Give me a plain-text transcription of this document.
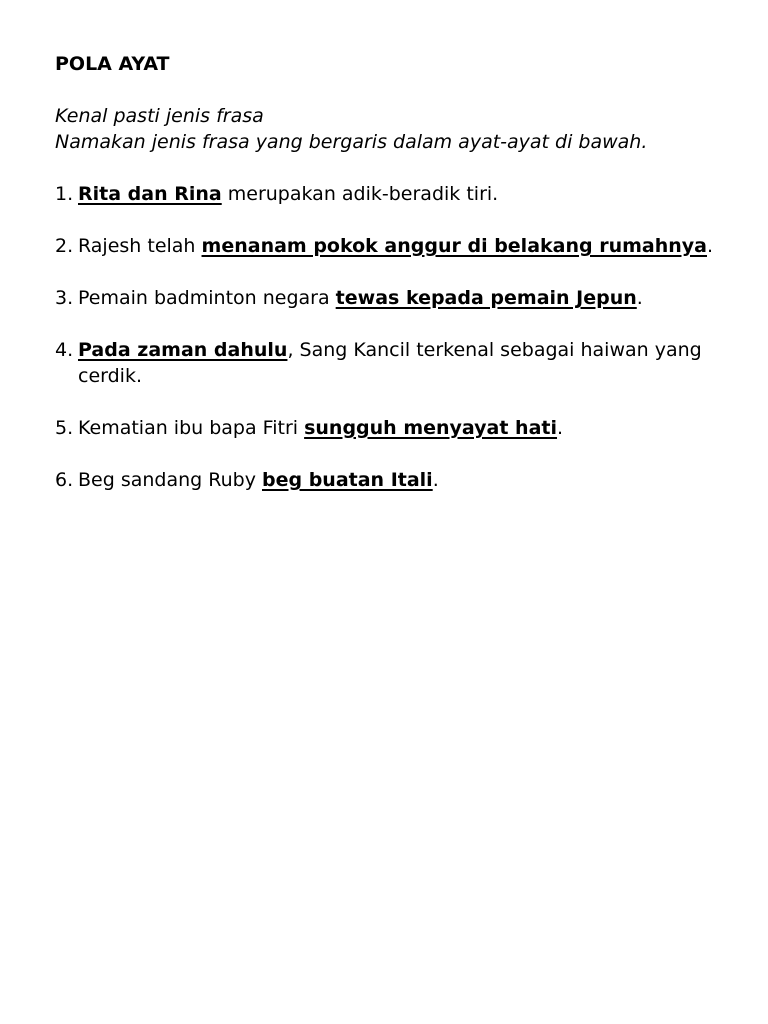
POLA AYAT
Kenal pasti jenis frasa
Namakan jenis frasa yang bergaris dalam ayat-ayat di bawah.
1. Rita dan Rina merupakan adik-beradik tiri.
2. Rajesh telah menanam pokok anggur di belakang rumahnya.
3. Pemain badminton negara tewas kepada pemain Jepun.
4. Pada zaman dahulu, Sang Kancil terkenal sebagai haiwan yang cerdik.
5. Kematian ibu bapa Fitri sungguh menyayat hati.
6. Beg sandang Ruby beg buatan Itali.
